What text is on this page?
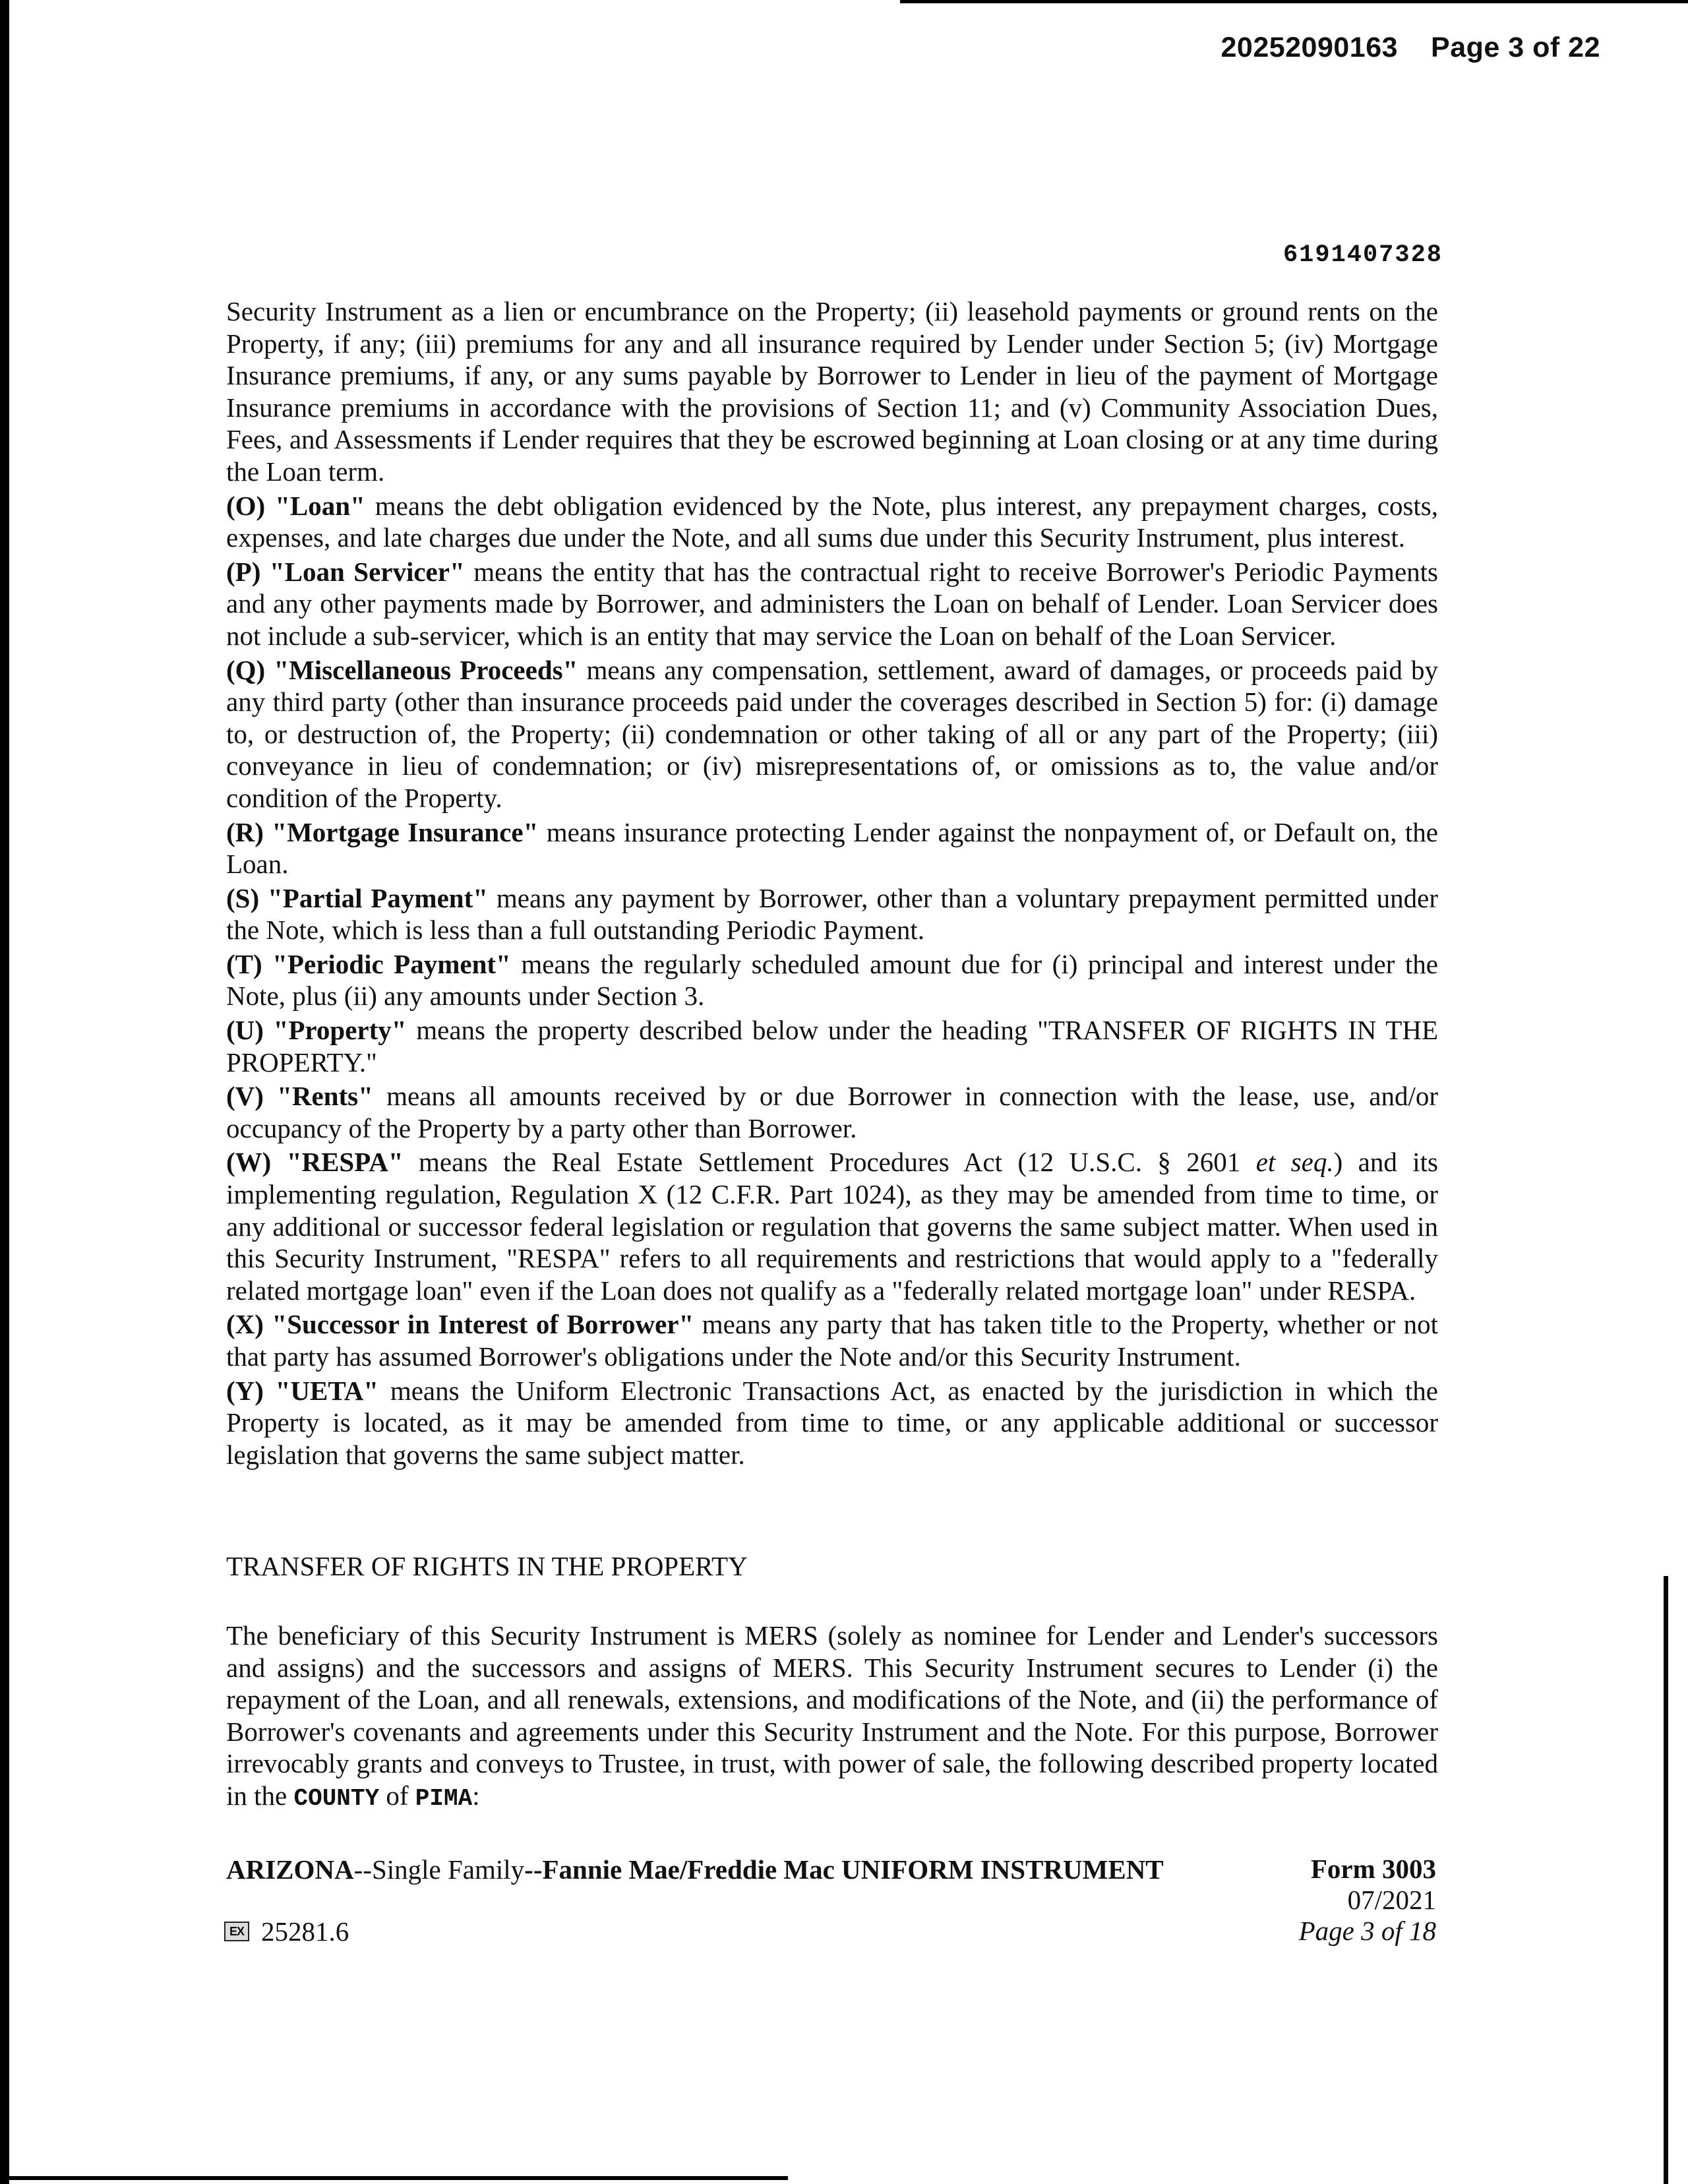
20252090163 Page 3 of 22
6191407328

Security Instrument as a lien or encumbrance on the Property; (ii) leasehold payments or ground rents on the Property, if any; (iii) premiums for any and all insurance required by Lender under Section 5; (iv) Mortgage Insurance premiums, if any, or any sums payable by Borrower to Lender in lieu of the payment of Mortgage Insurance premiums in accordance with the provisions of Section 11; and (v) Community Association Dues, Fees, and Assessments if Lender requires that they be escrowed beginning at Loan closing or at any time during the Loan term.

(O) "Loan" means the debt obligation evidenced by the Note, plus interest, any prepayment charges, costs, expenses, and late charges due under the Note, and all sums due under this Security Instrument, plus interest.

(P) "Loan Servicer" means the entity that has the contractual right to receive Borrower's Periodic Payments and any other payments made by Borrower, and administers the Loan on behalf of Lender. Loan Servicer does not include a sub-servicer, which is an entity that may service the Loan on behalf of the Loan Servicer.

(Q) "Miscellaneous Proceeds" means any compensation, settlement, award of damages, or proceeds paid by any third party (other than insurance proceeds paid under the coverages described in Section 5) for: (i) damage to, or destruction of, the Property; (ii) condemnation or other taking of all or any part of the Property; (iii) conveyance in lieu of condemnation; or (iv) misrepresentations of, or omissions as to, the value and/or condition of the Property.

(R) "Mortgage Insurance" means insurance protecting Lender against the nonpayment of, or Default on, the Loan.

(S) "Partial Payment" means any payment by Borrower, other than a voluntary prepayment permitted under the Note, which is less than a full outstanding Periodic Payment.

(T) "Periodic Payment" means the regularly scheduled amount due for (i) principal and interest under the Note, plus (ii) any amounts under Section 3.

(U) "Property" means the property described below under the heading "TRANSFER OF RIGHTS IN THE PROPERTY."

(V) "Rents" means all amounts received by or due Borrower in connection with the lease, use, and/or occupancy of the Property by a party other than Borrower.

(W) "RESPA" means the Real Estate Settlement Procedures Act (12 U.S.C. § 2601 et seq.) and its implementing regulation, Regulation X (12 C.F.R. Part 1024), as they may be amended from time to time, or any additional or successor federal legislation or regulation that governs the same subject matter. When used in this Security Instrument, "RESPA" refers to all requirements and restrictions that would apply to a "federally related mortgage loan" even if the Loan does not qualify as a "federally related mortgage loan" under RESPA.

(X) "Successor in Interest of Borrower" means any party that has taken title to the Property, whether or not that party has assumed Borrower's obligations under the Note and/or this Security Instrument.

(Y) "UETA" means the Uniform Electronic Transactions Act, as enacted by the jurisdiction in which the Property is located, as it may be amended from time to time, or any applicable additional or successor legislation that governs the same subject matter.

TRANSFER OF RIGHTS IN THE PROPERTY
The beneficiary of this Security Instrument is MERS (solely as nominee for Lender and Lender's successors and assigns) and the successors and assigns of MERS. This Security Instrument secures to Lender (i) the repayment of the Loan, and all renewals, extensions, and modifications of the Note, and (ii) the performance of Borrower's covenants and agreements under this Security Instrument and the Note. For this purpose, Borrower irrevocably grants and conveys to Trustee, in trust, with power of sale, the following described property located in the COUNTY of PIMA:
ARIZONA--Single Family--Fannie Mae/Freddie Mac UNIFORM INSTRUMENT	Form 3003
07/2021
Page 3 of 18
EX 25281.6
